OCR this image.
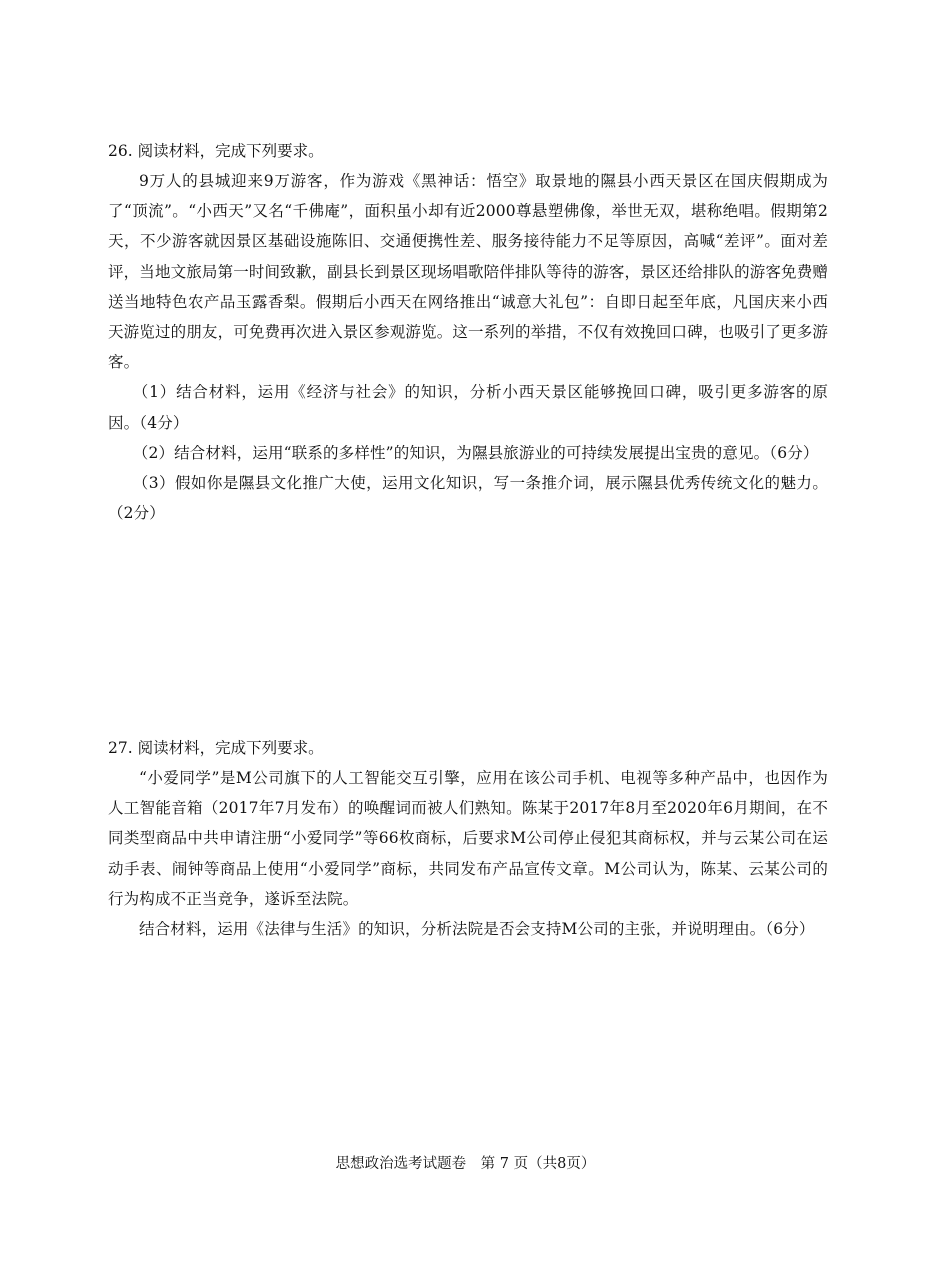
26. 阅读材料，完成下列要求。

9万人的县城迎来9万游客，作为游戏《黑神话：悟空》取景地的隰县小西天景区在国庆假期成为了“顶流”。“小西天”又名“千佛庵”，面积虽小却有近2000尊悬塑佛像，举世无双，堪称绝唱。假期第2天，不少游客就因景区基础设施陈旧、交通便携性差、服务接待能力不足等原因，高喊“差评”。面对差评，当地文旅局第一时间致歉，副县长到景区现场唱歌陪伴排队等待的游客，景区还给排队的游客免费赠送当地特色农产品玉露香梨。假期后小西天在网络推出“诚意大礼包”：自即日起至年底，凡国庆来小西天游览过的朋友，可免费再次进入景区参观游览。这一系列的举措，不仅有效挽回口碑，也吸引了更多游客。

（1）结合材料，运用《经济与社会》的知识，分析小西天景区能够挽回口碑，吸引更多游客的原因。（4分）

（2）结合材料，运用“联系的多样性”的知识，为隰县旅游业的可持续发展提出宝贵的意见。（6分）

（3）假如你是隰县文化推广大使，运用文化知识，写一条推介词，展示隰县优秀传统文化的魅力。（2分）

27. 阅读材料，完成下列要求。

“小爱同学”是M公司旗下的人工智能交互引擎，应用在该公司手机、电视等多种产品中，也因作为人工智能音箱（2017年7月发布）的唤醒词而被人们熟知。陈某于2017年8月至2020年6月期间，在不同类型商品中共申请注册“小爱同学”等66枚商标，后要求M公司停止侵犯其商标权，并与云某公司在运动手表、闹钟等商品上使用“小爱同学”商标，共同发布产品宣传文章。M公司认为，陈某、云某公司的行为构成不正当竞争，遂诉至法院。

结合材料，运用《法律与生活》的知识，分析法院是否会支持M公司的主张，并说明理由。（6分）

思想政治选考试题卷　第 7 页（共8页）
